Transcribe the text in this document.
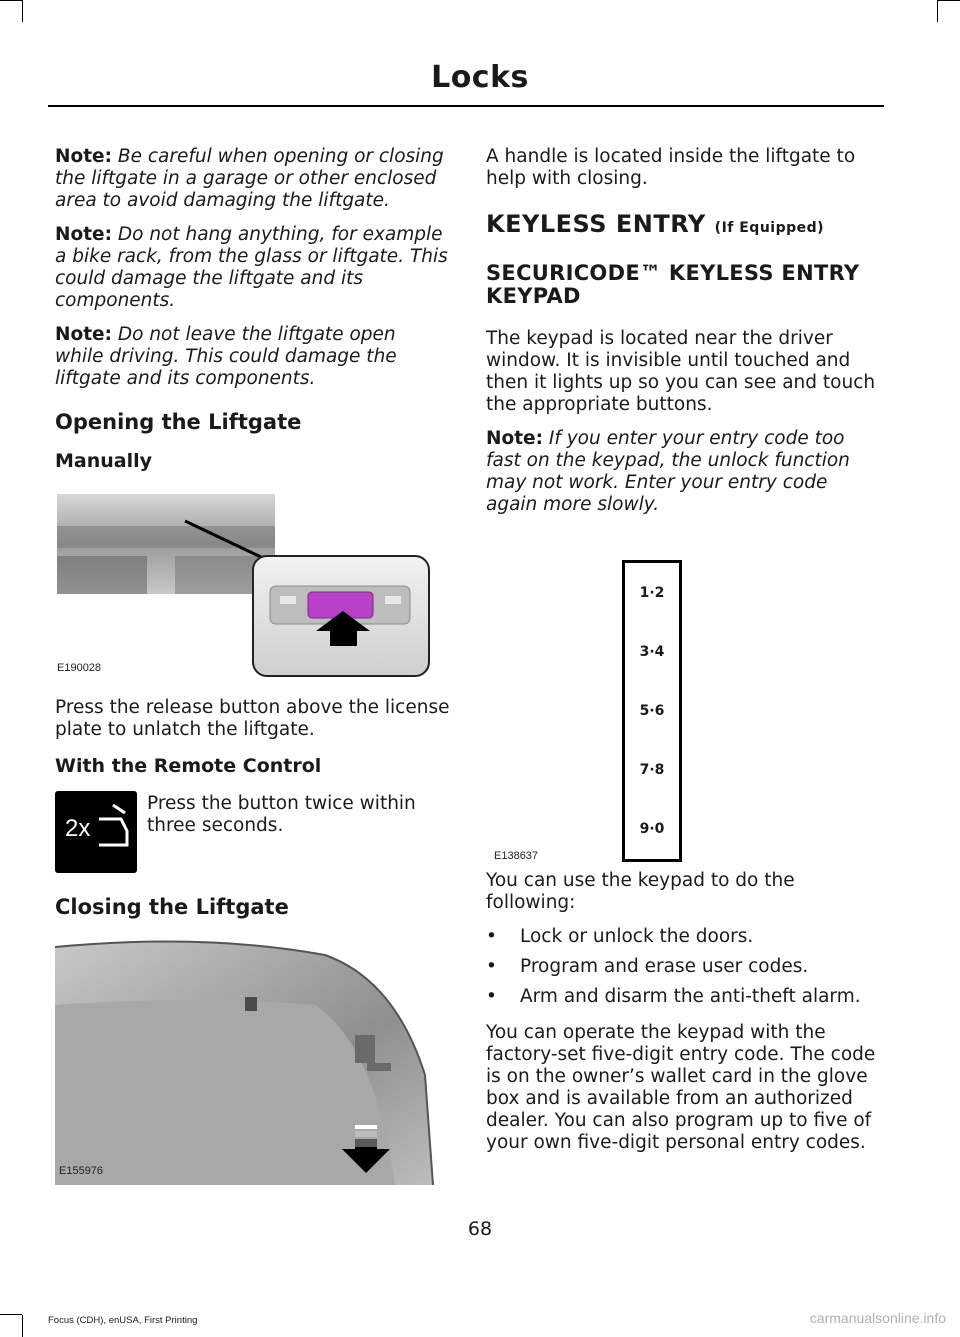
Locks

Note: Be careful when opening or closing the liftgate in a garage or other enclosed area to avoid damaging the liftgate.

Note: Do not hang anything, for example a bike rack, from the glass or liftgate. This could damage the liftgate and its components.

Note: Do not leave the liftgate open while driving. This could damage the liftgate and its components.

Opening the Liftgate
Manually
E190028

Press the release button above the license plate to unlatch the liftgate.

With the Remote Control
2x

Press the button twice within three seconds.

Closing the Liftgate
E155976

A handle is located inside the liftgate to help with closing.

KEYLESS ENTRY (If Equipped)
SECURICODE™ KEYLESS ENTRY KEYPAD

The keypad is located near the driver window. It is invisible until touched and then it lights up so you can see and touch the appropriate buttons.

Note: If you enter your entry code too fast on the keypad, the unlock function may not work. Enter your entry code again more slowly.

1·2
3·4
5·6
7·8
9·0
E138637

You can use the keypad to do the following:

• Lock or unlock the doors.
• Program and erase user codes.
• Arm and disarm the anti-theft alarm.

You can operate the keypad with the factory-set five-digit entry code. The code is on the owner’s wallet card in the glove box and is available from an authorized dealer. You can also program up to five of your own five-digit personal entry codes.

68
Focus (CDH), enUSA, First Printing	carmanualsonline.info
